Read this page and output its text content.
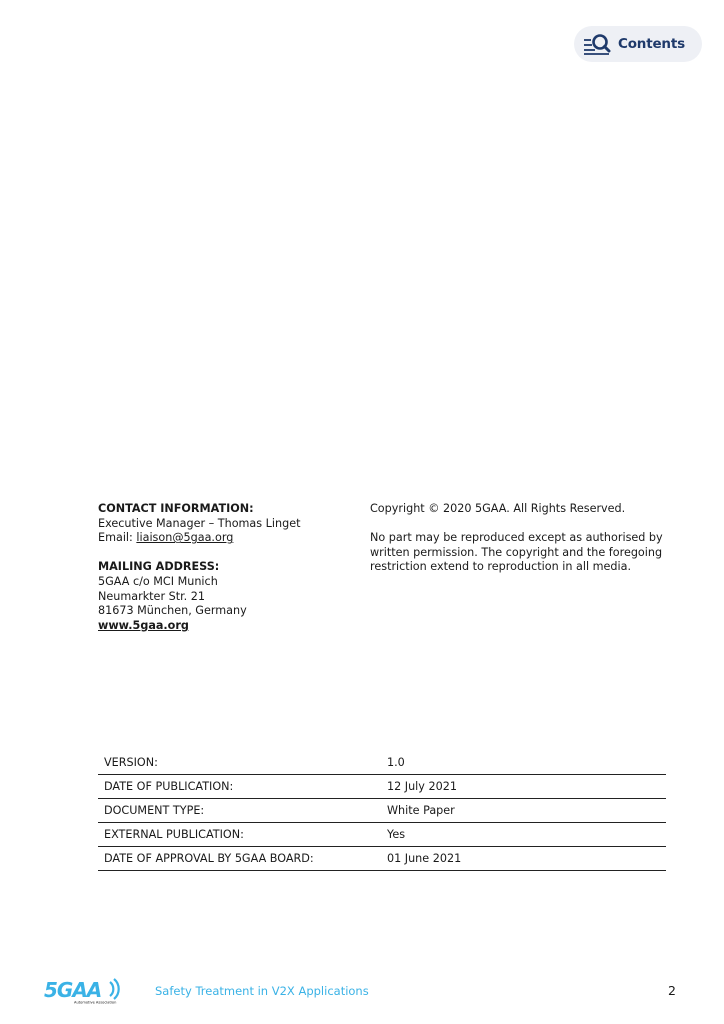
Contents
CONTACT INFORMATION:
Executive Manager – Thomas Linget
Email: liaison@5gaa.org
MAILING ADDRESS:
5GAA c/o MCI Munich
Neumarkter Str. 21
81673 München, Germany
www.5gaa.org
Copyright © 2020 5GAA. All Rights Reserved.
No part may be reproduced except as authorised by written permission. The copyright and the foregoing restriction extend to reproduction in all media.
VERSION:	1.0
DATE OF PUBLICATION:	12 July 2021
DOCUMENT TYPE:	White Paper
EXTERNAL PUBLICATION:	Yes
DATE OF APPROVAL BY 5GAA BOARD:	01 June 2021
5GAA
Automotive Association
Safety Treatment in V2X Applications	2
